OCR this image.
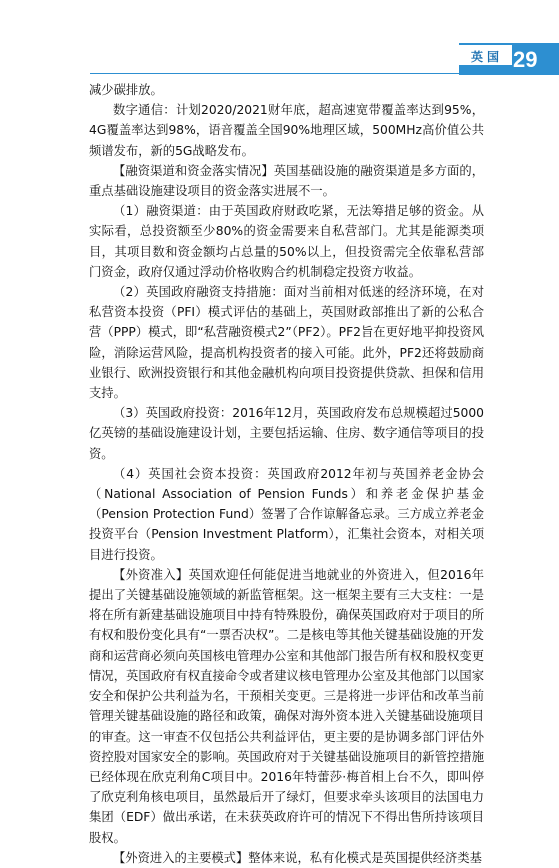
英国 29

减少碳排放。

数字通信：计划2020/2021财年底，超高速宽带覆盖率达到95%，4G覆盖率达到98%，语音覆盖全国90%地理区域，500MHz高价值公共频谱发布，新的5G战略发布。

【融资渠道和资金落实情况】英国基础设施的融资渠道是多方面的，重点基础设施建设项目的资金落实进展不一。

（1）融资渠道：由于英国政府财政吃紧，无法筹措足够的资金。从实际看，总投资额至少80%的资金需要来自私营部门。尤其是能源类项目，其项目数和资金额均占总量的50%以上，但投资需完全依靠私营部门资金，政府仅通过浮动价格收购合约机制稳定投资方收益。

（2）英国政府融资支持措施：面对当前相对低迷的经济环境，在对私营资本投资（PFI）模式评估的基础上，英国财政部推出了新的公私合营（PPP）模式，即“私营融资模式2”（PF2）。PF2旨在更好地平抑投资风险，消除运营风险，提高机构投资者的接入可能。此外，PF2还将鼓励商业银行、欧洲投资银行和其他金融机构向项目投资提供贷款、担保和信用支持。

（3）英国政府投资：2016年12月，英国政府发布总规模超过5000亿英镑的基础设施建设计划，主要包括运输、住房、数字通信等项目的投资。

（4）英国社会资本投资：英国政府2012年初与英国养老金协会（National Association of Pension Funds）和养老金保护基金（Pension Protection Fund）签署了合作谅解备忘录。三方成立养老金投资平台（Pension Investment Platform），汇集社会资本，对相关项目进行投资。

【外资准入】英国欢迎任何能促进当地就业的外资进入，但2016年提出了关键基础设施领域的新监管框架。这一框架主要有三大支柱：一是将在所有新建基础设施项目中持有特殊股份，确保英国政府对于项目的所有权和股份变化具有“一票否决权”。二是核电等其他关键基础设施的开发商和运营商必须向英国核电管理办公室和其他部门报告所有权和股权变更情况，英国政府有权直接命令或者建议核电管理办公室及其他部门以国家安全和保护公共利益为名，干预相关变更。三是将进一步评估和改革当前管理关键基础设施的路径和政策，确保对海外资本进入关键基础设施项目的审查。这一审查不仅包括公共利益评估，更主要的是协调多部门评估外资控股对国家安全的影响。英国政府对于关键基础设施项目的新管控措施已经体现在欣克利角C项目中。2016年特蕾莎·梅首相上台不久，即叫停了欣克利角核电项目，虽然最后开了绿灯，但要求牵头该项目的法国电力集团（EDF）做出承诺，在未获英政府许可的情况下不得出售所持该项目股权。

【外资进入的主要模式】整体来说，私有化模式是英国提供经济类基
